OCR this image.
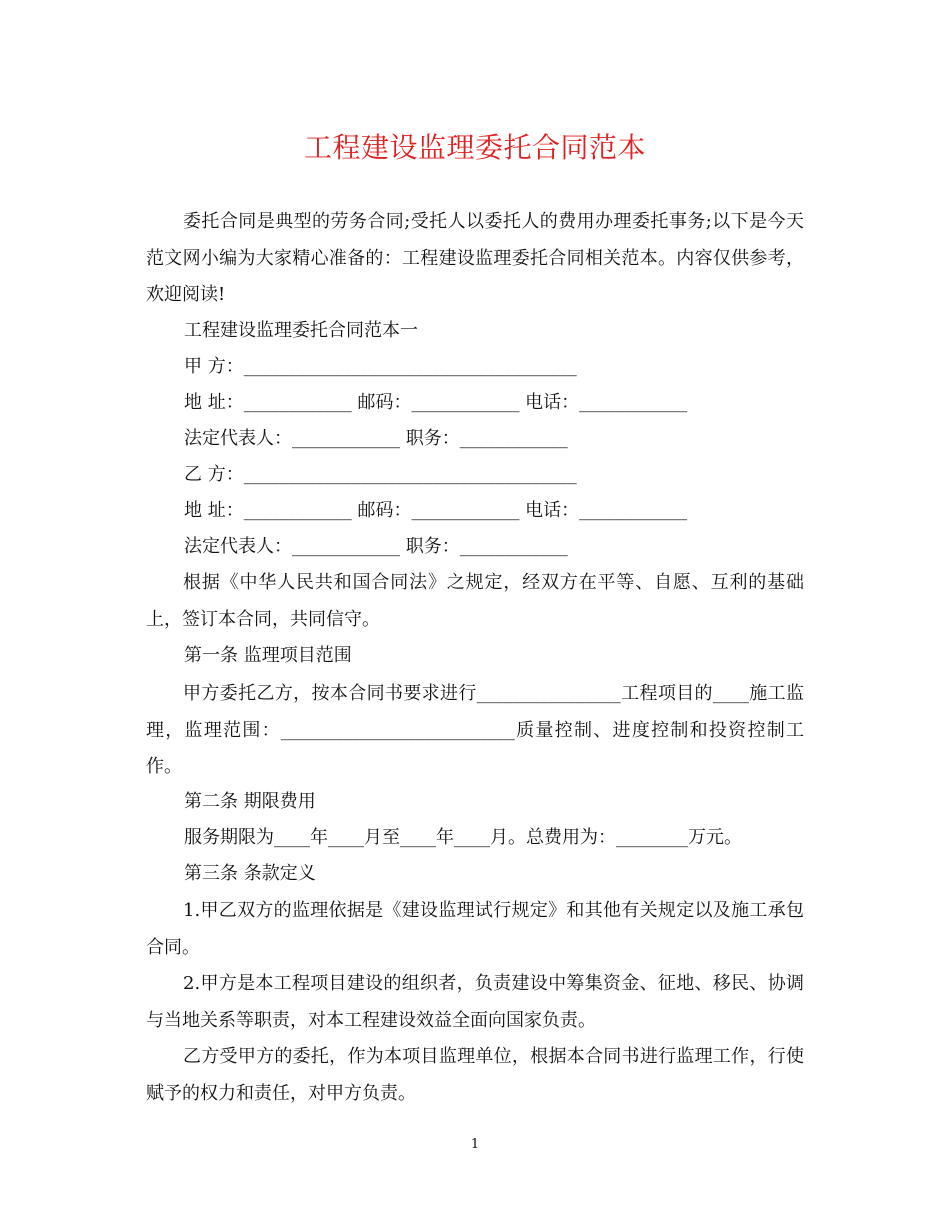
工程建设监理委托合同范本
委托合同是典型的劳务合同;受托人以委托人的费用办理委托事务;以下是今天范文网小编为大家精心准备的：工程建设监理委托合同相关范本。内容仅供参考，欢迎阅读!
工程建设监理委托合同范本一
甲 方：_____________________________________
地 址：____________ 邮码：____________ 电话：____________
法定代表人：____________ 职务：____________
乙 方：_____________________________________
地 址：____________ 邮码：____________ 电话：____________
法定代表人：____________ 职务：____________
根据《中华人民共和国合同法》之规定，经双方在平等、自愿、互利的基础上，签订本合同，共同信守。
第一条 监理项目范围
甲方委托乙方，按本合同书要求进行________________工程项目的____施工监理，监理范围：__________________________质量控制、进度控制和投资控制工作。
第二条 期限费用
服务期限为____年____月至____年____月。总费用为：________万元。
第三条 条款定义
1.甲乙双方的监理依据是《建设监理试行规定》和其他有关规定以及施工承包合同。
2.甲方是本工程项目建设的组织者，负责建设中筹集资金、征地、移民、协调与当地关系等职责，对本工程建设效益全面向国家负责。
乙方受甲方的委托，作为本项目监理单位，根据本合同书进行监理工作，行使赋予的权力和责任，对甲方负责。
1
